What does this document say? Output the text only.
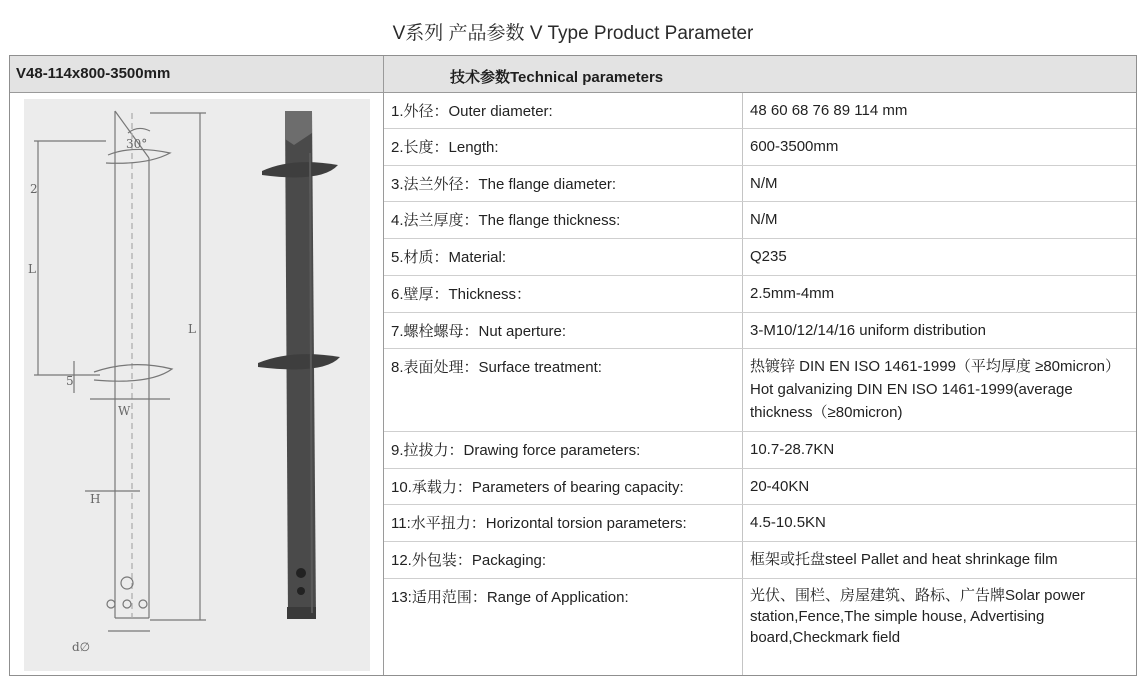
V系列 产品参数 V Type Product Parameter
V48-114x800-3500mm	技术参数Technical parameters
2
30°
L
L
5
W
H
d∅
1.外径：Outer diameter:	48 60 68 76 89 114 mm
2.长度：Length:	600-3500mm
3.法兰外径：The flange diameter:	N/M
4.法兰厚度：The flange thickness:	N/M
5.材质：Material:	Q235
6.壁厚：Thickness：	2.5mm-4mm
7.螺栓螺母：Nut aperture:	3-M10/12/14/16 uniform distribution
8.表面处理：Surface treatment:	热镀锌 DIN EN ISO 1461-1999（平均厚度 ≥80micron）Hot galvanizing DIN EN ISO 1461-1999(average thickness（≥80micron)
9.拉拔力：Drawing force parameters:	10.7-28.7KN
10.承载力：Parameters of bearing capacity:	20-40KN
11:水平扭力：Horizontal torsion parameters:	4.5-10.5KN
12.外包装：Packaging:	框架或托盘steel Pallet and heat shrinkage film
13:适用范围：Range of Application:	光伏、围栏、房屋建筑、路标、广告牌Solar power station,Fence,The simple house, Advertising board,Checkmark field
